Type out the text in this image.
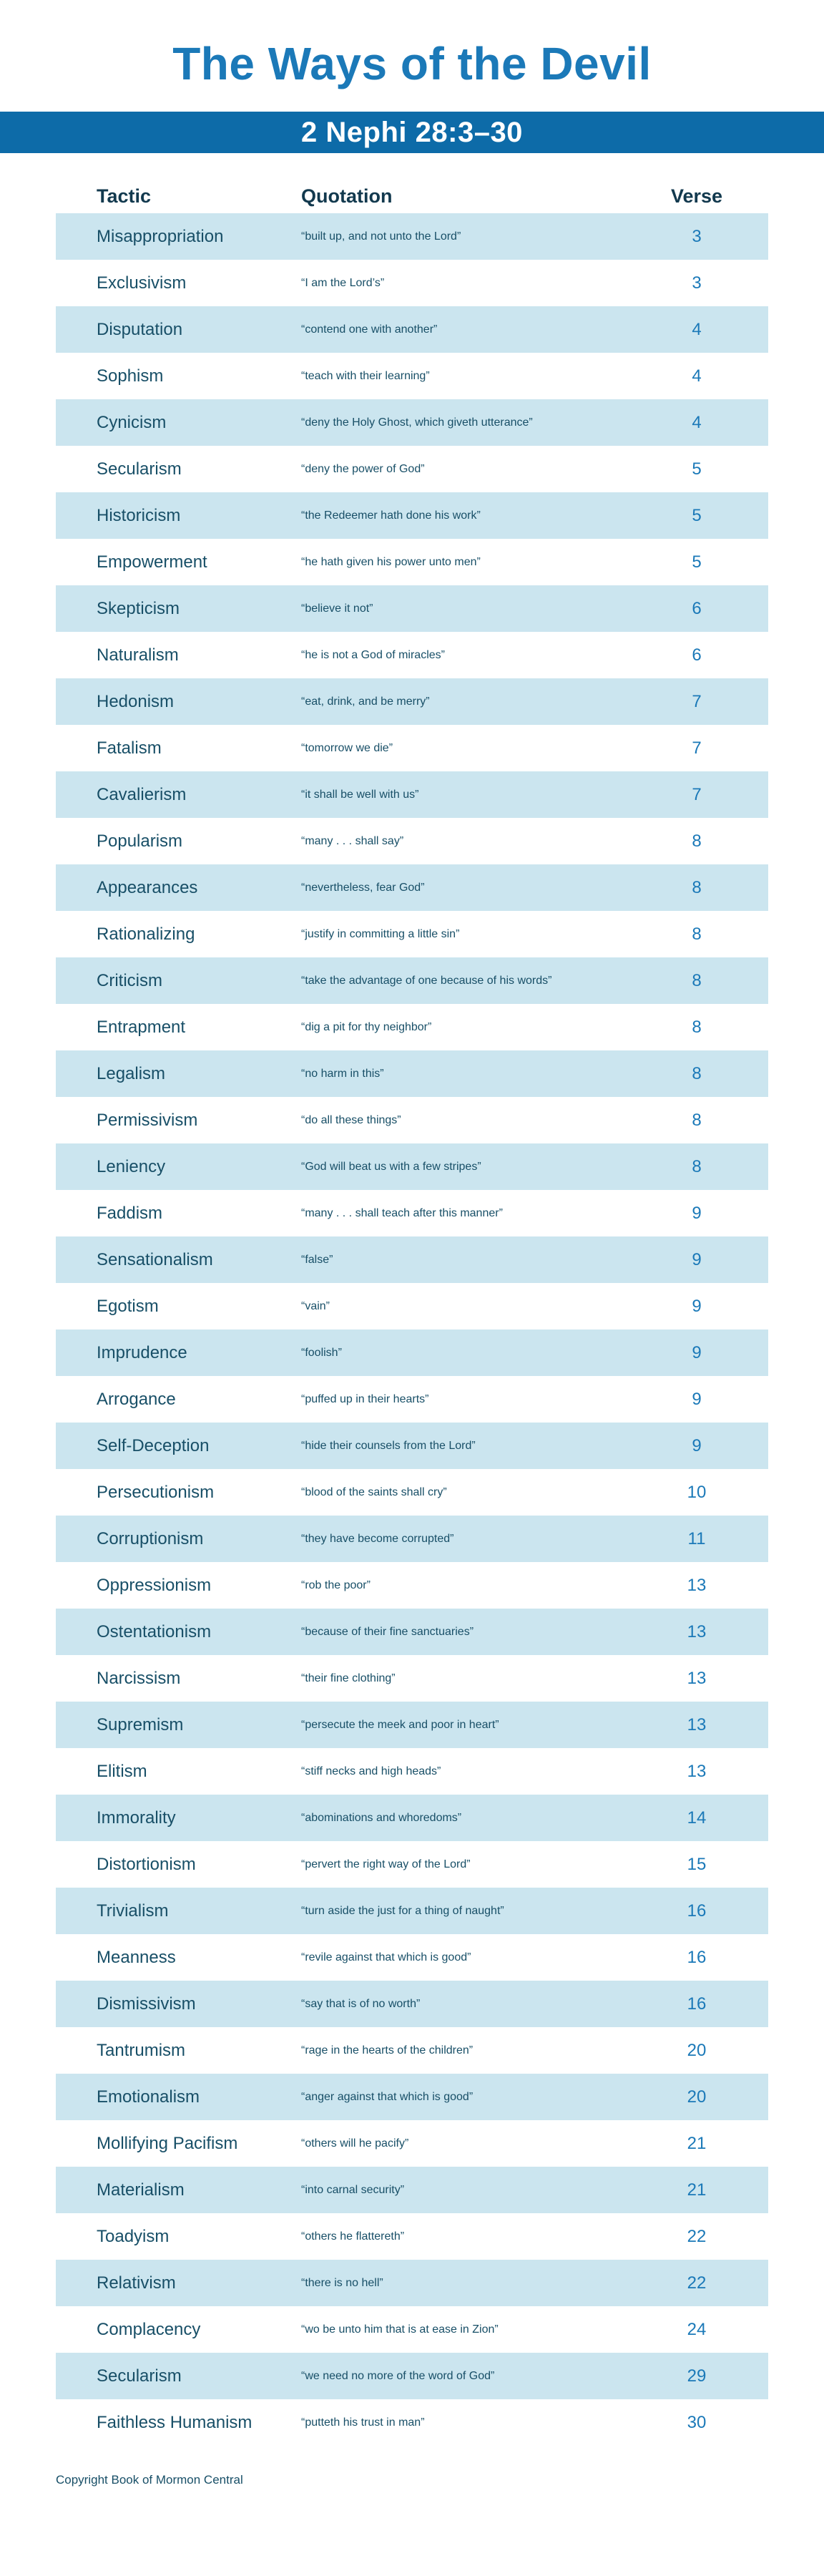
The Ways of the Devil
2 Nephi 28:3–30
Tactic	Quotation	Verse
Misappropriation	“built up, and not unto the Lord”	3
Exclusivism	“I am the Lord’s”	3
Disputation	“contend one with another”	4
Sophism	“teach with their learning”	4
Cynicism	“deny the Holy Ghost, which giveth utterance”	4
Secularism	“deny the power of God”	5
Historicism	“the Redeemer hath done his work”	5
Empowerment	“he hath given his power unto men”	5
Skepticism	“believe it not”	6
Naturalism	“he is not a God of miracles”	6
Hedonism	“eat, drink, and be merry”	7
Fatalism	“tomorrow we die”	7
Cavalierism	“it shall be well with us”	7
Popularism	“many . . . shall say”	8
Appearances	“nevertheless, fear God”	8
Rationalizing	“justify in committing a little sin”	8
Criticism	“take the advantage of one because of his words”	8
Entrapment	“dig a pit for thy neighbor”	8
Legalism	“no harm in this”	8
Permissivism	“do all these things”	8
Leniency	“God will beat us with a few stripes”	8
Faddism	“many . . . shall teach after this manner”	9
Sensationalism	“false”	9
Egotism	“vain”	9
Imprudence	“foolish”	9
Arrogance	“puffed up in their hearts”	9
Self-Deception	“hide their counsels from the Lord”	9
Persecutionism	“blood of the saints shall cry”	10
Corruptionism	“they have become corrupted”	11
Oppressionism	“rob the poor”	13
Ostentationism	“because of their fine sanctuaries”	13
Narcissism	“their fine clothing”	13
Supremism	“persecute the meek and poor in heart”	13
Elitism	“stiff necks and high heads”	13
Immorality	“abominations and whoredoms”	14
Distortionism	“pervert the right way of the Lord”	15
Trivialism	“turn aside the just for a thing of naught”	16
Meanness	“revile against that which is good”	16
Dismissivism	“say that is of no worth”	16
Tantrumism	“rage in the hearts of the children”	20
Emotionalism	“anger against that which is good”	20
Mollifying Pacifism	“others will he pacify”	21
Materialism	“into carnal security”	21
Toadyism	“others he flattereth”	22
Relativism	“there is no hell”	22
Complacency	“wo be unto him that is at ease in Zion”	24
Secularism	“we need no more of the word of God”	29
Faithless Humanism	“putteth his trust in man”	30
Copyright Book of Mormon Central
